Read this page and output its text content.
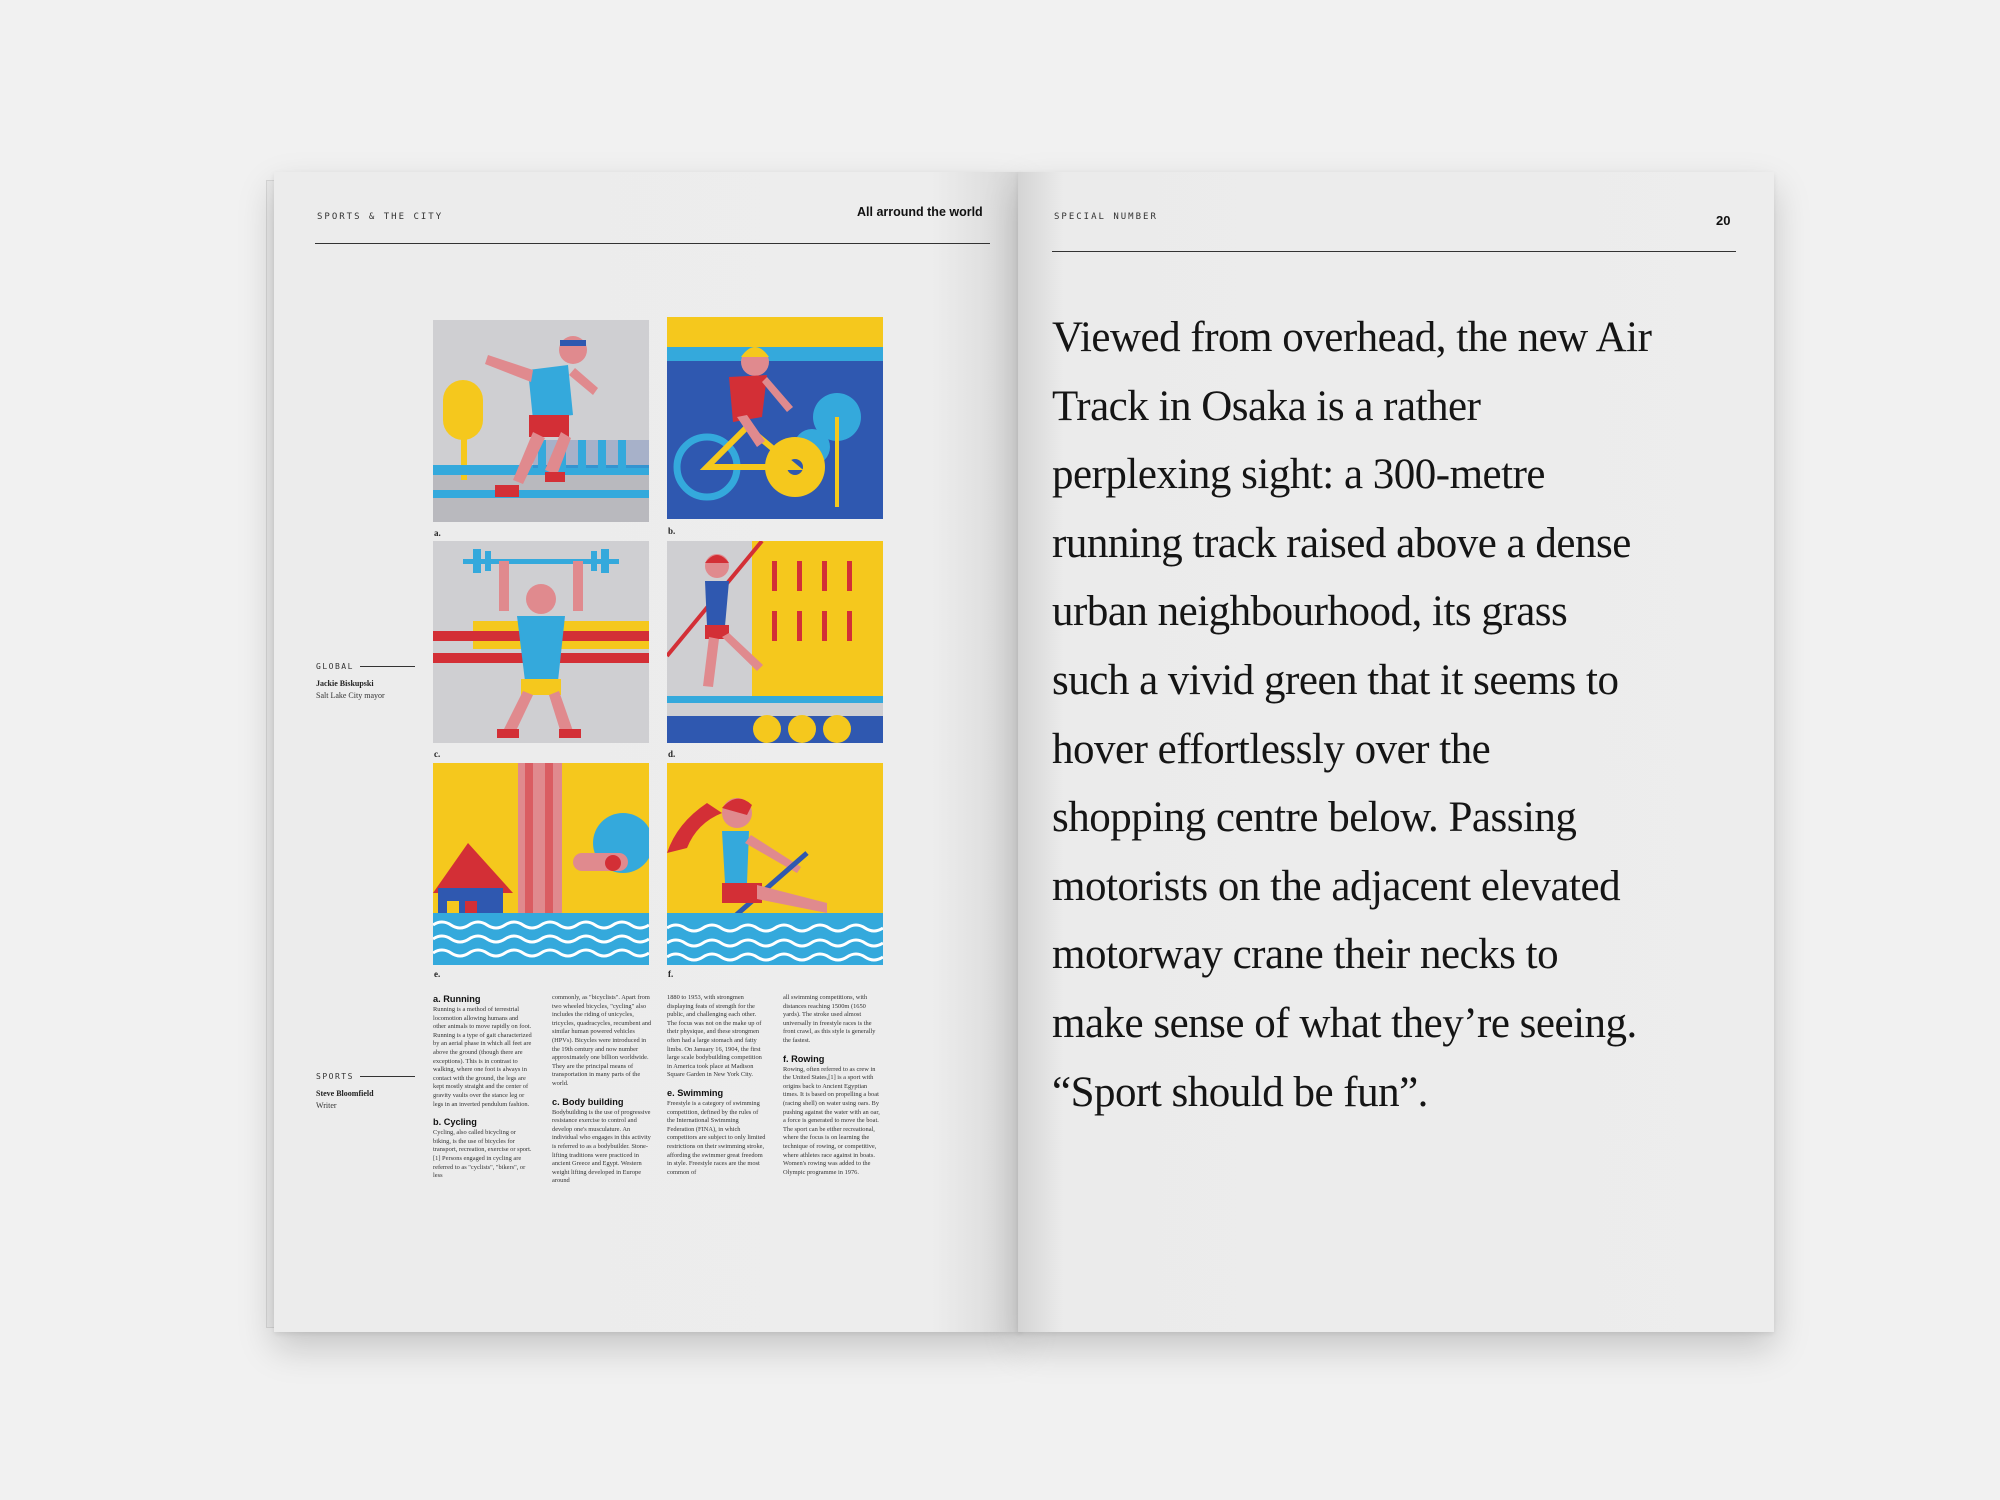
SPORTS & THE CITY	All arround the world
a.	b.
c.	d.
e.	f.
GLOBAL
Jackie Biskupski
Salt Lake City mayor
SPORTS
Steve Bloomfield
Writer
a. Running

Running is a method of terrestrial locomotion allowing humans and other animals to move rapidly on foot. Running is a type of gait characterized by an aerial phase in which all feet are above the ground (though there are exceptions). This is in contrast to walking, where one foot is always in contact with the ground, the legs are kept mostly straight and the center of gravity vaults over the stance leg or legs in an inverted pendulum fashion.

b. Cycling

Cycling, also called bicycling or biking, is the use of bicycles for transport, recreation, exercise or sport.[1] Persons engaged in cycling are referred to as "cyclists", "bikers", or less

commonly, as "bicyclists". Apart from two wheeled bicycles, "cycling" also includes the riding of unicycles, tricycles, quadracycles, recumbent and similar human powered vehicles (HPVs). Bicycles were introduced in the 19th century and now number approximately one billion worldwide. They are the principal means of transportation in many parts of the world.

c. Body building

Bodybuilding is the use of progressive resistance exercise to control and develop one's musculature. An individual who engages in this activity is referred to as a bodybuilder. Stone-lifting traditions were practiced in ancient Greece and Egypt. Western weight lifting developed in Europe around

1880 to 1953, with strongmen displaying feats of strength for the public, and challenging each other. The focus was not on the make up of their physique, and these strongmen often had a large stomach and fatty limbs. On January 16, 1904, the first large scale bodybuilding competition in America took place at Madison Square Garden in New York City.

e. Swimming

Freestyle is a category of swimming competition, defined by the rules of the International Swimming Federation (FINA), in which competitors are subject to only limited restrictions on their swimming stroke, affording the swimmer great freedom in style. Freestyle races are the most common of

all swimming competitions, with distances reaching 1500m (1650 yards). The stroke used almost universally in freestyle races is the front crawl, as this style is generally the fastest.

f. Rowing

Rowing, often referred to as crew in the United States,[1] is a sport with origins back to Ancient Egyptian times. It is based on propelling a boat (racing shell) on water using oars. By pushing against the water with an oar, a force is generated to move the boat. The sport can be either recreational, where the focus is on learning the technique of rowing, or competitive, where athletes race against in boats. Women's rowing was added to the Olympic programme in 1976.

SPECIAL NUMBER	20
Viewed from overhead, the new Air Track in Osaka is a rather perplexing sight: a 300-metre running track raised above a dense urban neighbourhood, its grass such a vivid green that it seems to hover effortlessly over the shopping centre below. Passing motorists on the adjacent elevated motorway crane their necks to make sense of what they’re seeing. “Sport should be fun”.
